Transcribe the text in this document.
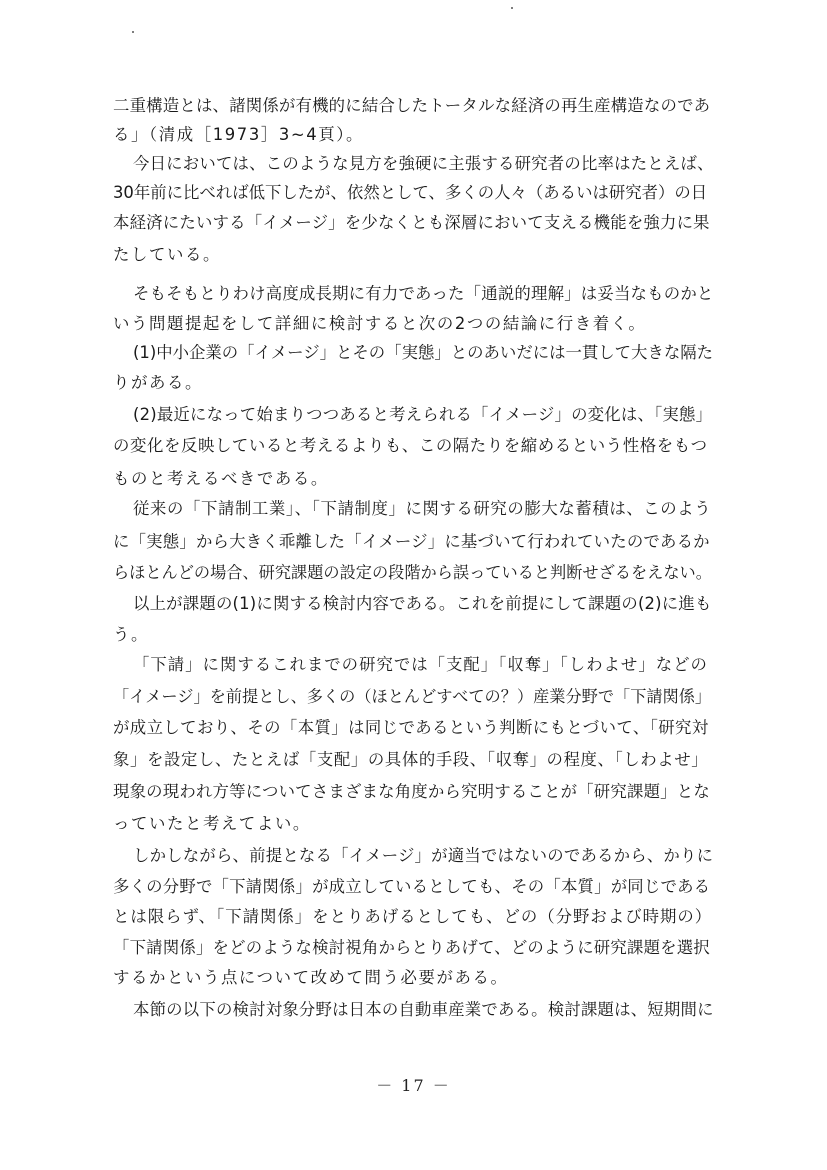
二重構造とは、諸関係が有機的に結合したトータルな経済の再生産構造なのであ
る」（清成［1973］3~4頁）。
今日においては、このような見方を強硬に主張する研究者の比率はたとえば、
30年前に比べれば低下したが、依然として、多くの人々（あるいは研究者）の日
本経済にたいする「イメージ」を少なくとも深層において支える機能を強力に果
たしている。
そもそもとりわけ高度成長期に有力であった「通説的理解」は妥当なものかと
いう問題提起をして詳細に検討すると次の2つの結論に行き着く。
(1)中小企業の「イメージ」とその「実態」とのあいだには一貫して大きな隔た
りがある。
(2)最近になって始まりつつあると考えられる「イメージ」の変化は、「実態」
の変化を反映していると考えるよりも、この隔たりを縮めるという性格をもつ
ものと考えるべきである。
従来の「下請制工業」、「下請制度」に関する研究の膨大な蓄積は、このよう
に「実態」から大きく乖離した「イメージ」に基づいて行われていたのであるか
らほとんどの場合、研究課題の設定の段階から誤っていると判断せざるをえない。
以上が課題の(1)に関する検討内容である。これを前提にして課題の(2)に進も
う。
「下請」に関するこれまでの研究では「支配」「収奪」「しわよせ」などの
「イメージ」を前提とし、多くの（ほとんどすべての？）産業分野で「下請関係」
が成立しており、その「本質」は同じであるという判断にもとづいて、「研究対
象」を設定し、たとえば「支配」の具体的手段、「収奪」の程度、「しわよせ」
現象の現われ方等についてさまざまな角度から究明することが「研究課題」とな
っていたと考えてよい。
しかしながら、前提となる「イメージ」が適当ではないのであるから、かりに
多くの分野で「下請関係」が成立しているとしても、その「本質」が同じである
とは限らず、「下請関係」をとりあげるとしても、どの（分野および時期の）
「下請関係」をどのような検討視角からとりあげて、どのように研究課題を選択
するかという点について改めて問う必要がある。
本節の以下の検討対象分野は日本の自動車産業である。検討課題は、短期間に
－ 17 －
